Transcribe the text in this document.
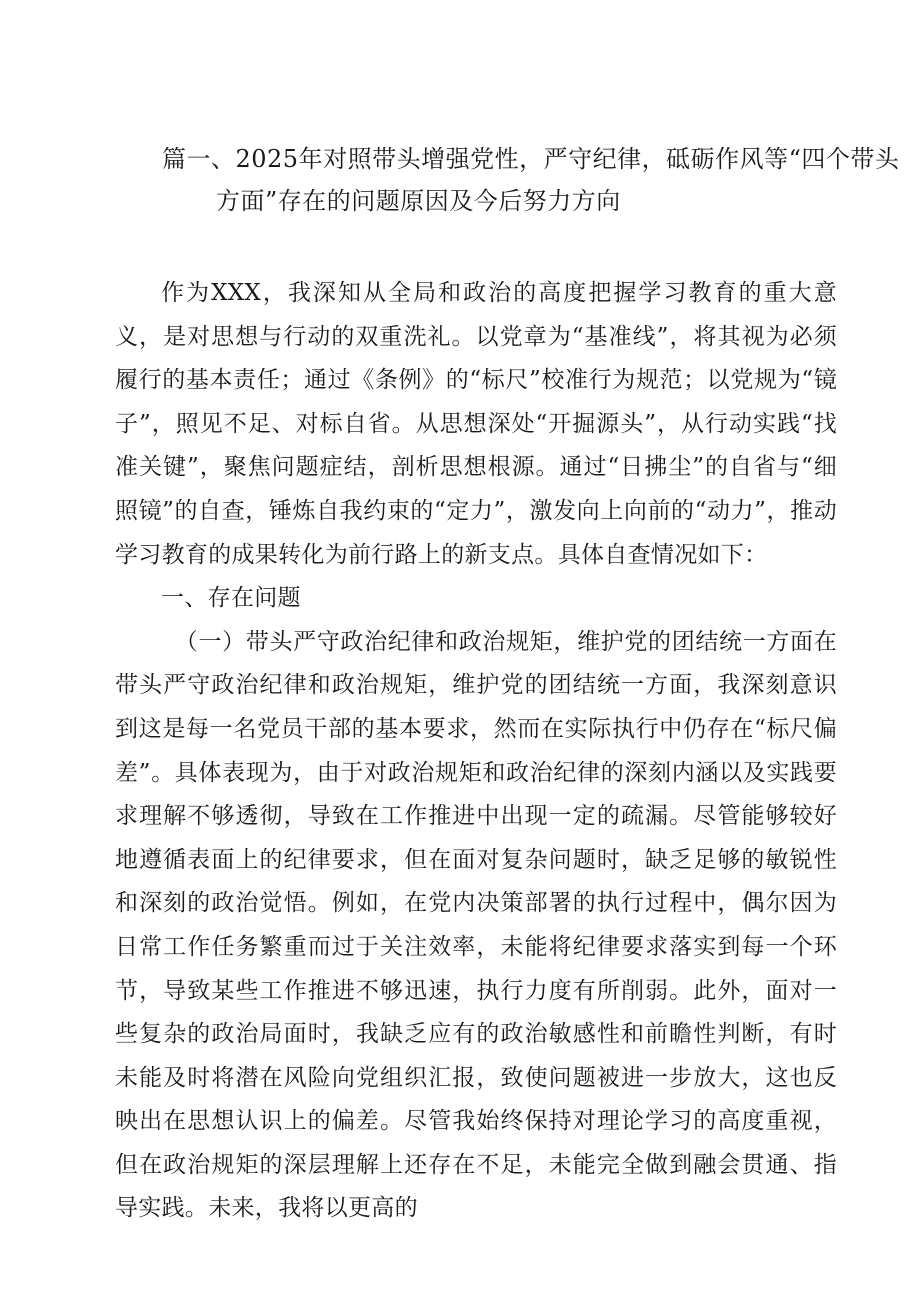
篇一、2025年对照带头增强党性，严守纪律，砥砺作风等“四个带头
方面”存在的问题原因及今后努力方向

作为XXX，我深知从全局和政治的高度把握学习教育的重大意义，是对思想与行动的双重洗礼。以党章为“基准线”，将其视为必须履行的基本责任；通过《条例》的“标尺”校准行为规范；以党规为“镜子”，照见不足、对标自省。从思想深处“开掘源头”，从行动实践“找准关键”，聚焦问题症结，剖析思想根源。通过“日拂尘”的自省与“细照镜”的自查，锤炼自我约束的“定力”，激发向上向前的“动力”，推动学习教育的成果转化为前行路上的新支点。具体自查情况如下：

一、存在问题

（一）带头严守政治纪律和政治规矩，维护党的团结统一方面在带头严守政治纪律和政治规矩，维护党的团结统一方面，我深刻意识到这是每一名党员干部的基本要求，然而在实际执行中仍存在“标尺偏差”。具体表现为，由于对政治规矩和政治纪律的深刻内涵以及实践要求理解不够透彻，导致在工作推进中出现一定的疏漏。尽管能够较好地遵循表面上的纪律要求，但在面对复杂问题时，缺乏足够的敏锐性和深刻的政治觉悟。例如，在党内决策部署的执行过程中，偶尔因为日常工作任务繁重而过于关注效率，未能将纪律要求落实到每一个环节，导致某些工作推进不够迅速，执行力度有所削弱。此外，面对一些复杂的政治局面时，我缺乏应有的政治敏感性和前瞻性判断，有时未能及时将潜在风险向党组织汇报，致使问题被进一步放大，这也反映出在思想认识上的偏差。尽管我始终保持对理论学习的高度重视，但在政治规矩的深层理解上还存在不足，未能完全做到融会贯通、指导实践。未来，我将以更高的
